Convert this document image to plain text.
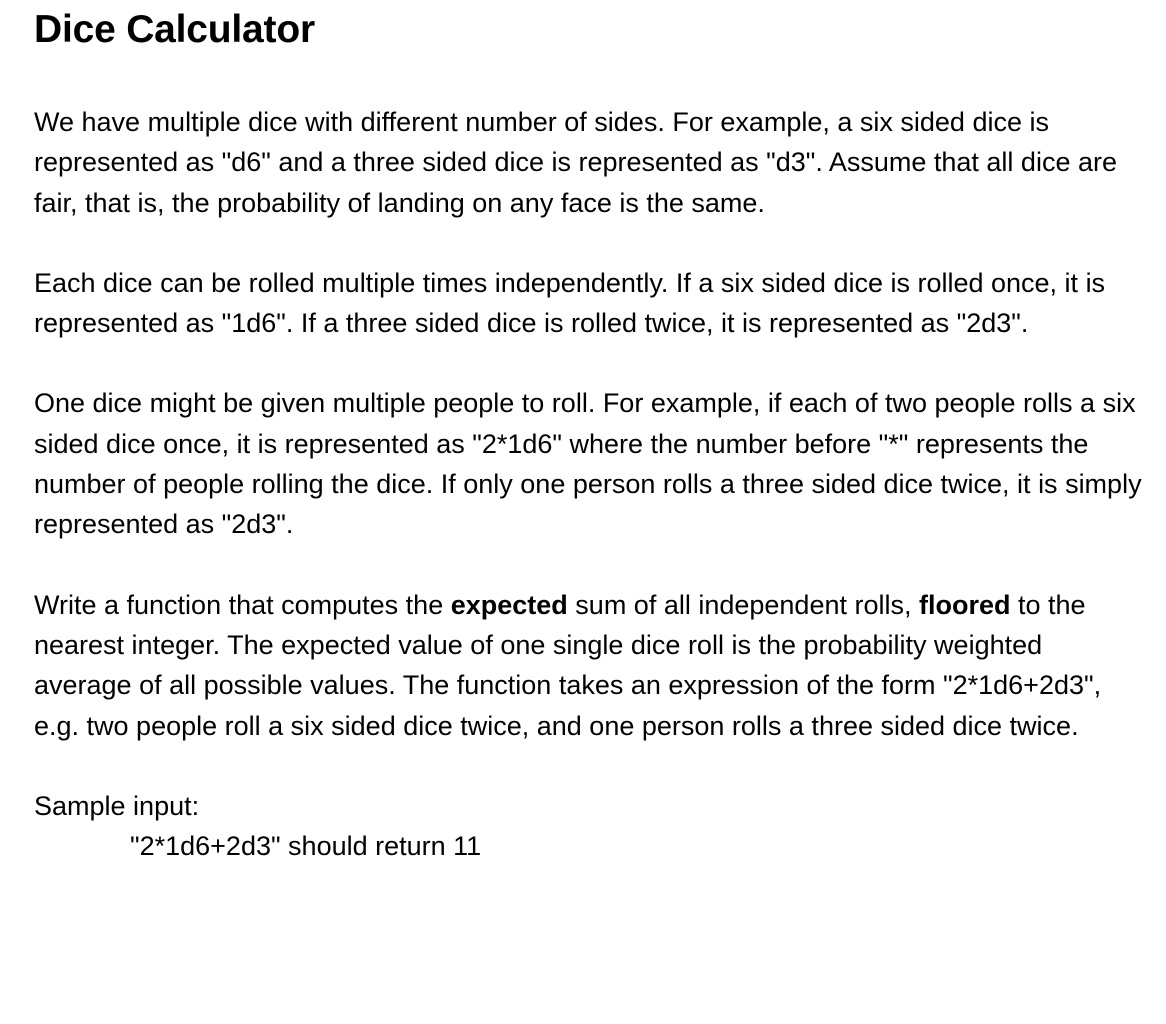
Dice Calculator

We have multiple dice with different number of sides. For example, a six sided dice is represented as "d6" and a three sided dice is represented as "d3". Assume that all dice are fair, that is, the probability of landing on any face is the same.

Each dice can be rolled multiple times independently. If a six sided dice is rolled once, it is represented as "1d6". If a three sided dice is rolled twice, it is represented as "2d3".

One dice might be given multiple people to roll. For example, if each of two people rolls a six sided dice once, it is represented as "2*1d6" where the number before "*" represents the number of people rolling the dice. If only one person rolls a three sided dice twice, it is simply represented as "2d3".

Write a function that computes the expected sum of all independent rolls, floored to the nearest integer. The expected value of one single dice roll is the probability weighted average of all possible values. The function takes an expression of the form "2*1d6+2d3", e.g. two people roll a six sided dice twice, and one person rolls a three sided dice twice.

Sample input:

"2*1d6+2d3" should return 11
